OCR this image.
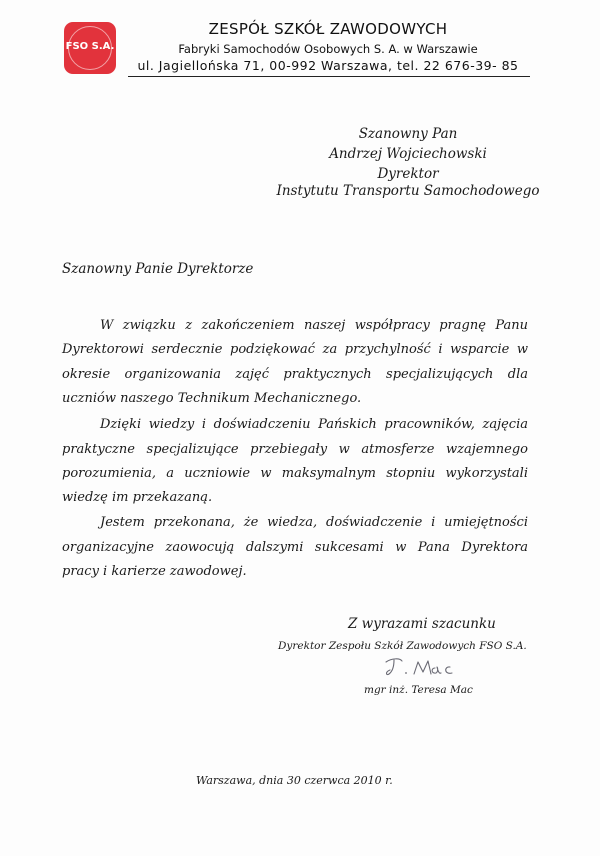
FSO S.A.
ZESPÓŁ SZKÓŁ ZAWODOWYCH
Fabryki Samochodów Osobowych S. A. w Warszawie
ul. Jagiellońska 71, 00-992 Warszawa, tel. 22 676-39- 85
Szanowny Pan
Andrzej Wojciechowski
Dyrektor
Instytutu Transportu Samochodowego
Szanowny Panie Dyrektorze
W związku z zakończeniem naszej współpracy pragnę Panu
Dyrektorowi serdecznie podziękować za przychylność i wsparcie w
okresie organizowania zajęć praktycznych specjalizujących dla
uczniów naszego Technikum Mechanicznego.
Dzięki wiedzy i doświadczeniu Pańskich pracowników, zajęcia
praktyczne specjalizujące przebiegały w atmosferze wzajemnego
porozumienia, a uczniowie w maksymalnym stopniu wykorzystali
wiedzę im przekazaną.
Jestem przekonana, że wiedza, doświadczenie i umiejętności
organizacyjne zaowocują dalszymi sukcesami w Pana Dyrektora
pracy i karierze zawodowej.
Z wyrazami szacunku
Dyrektor Zespołu Szkół Zawodowych FSO S.A.
mgr inż. Teresa Mac
Warszawa, dnia 30 czerwca 2010 r.
